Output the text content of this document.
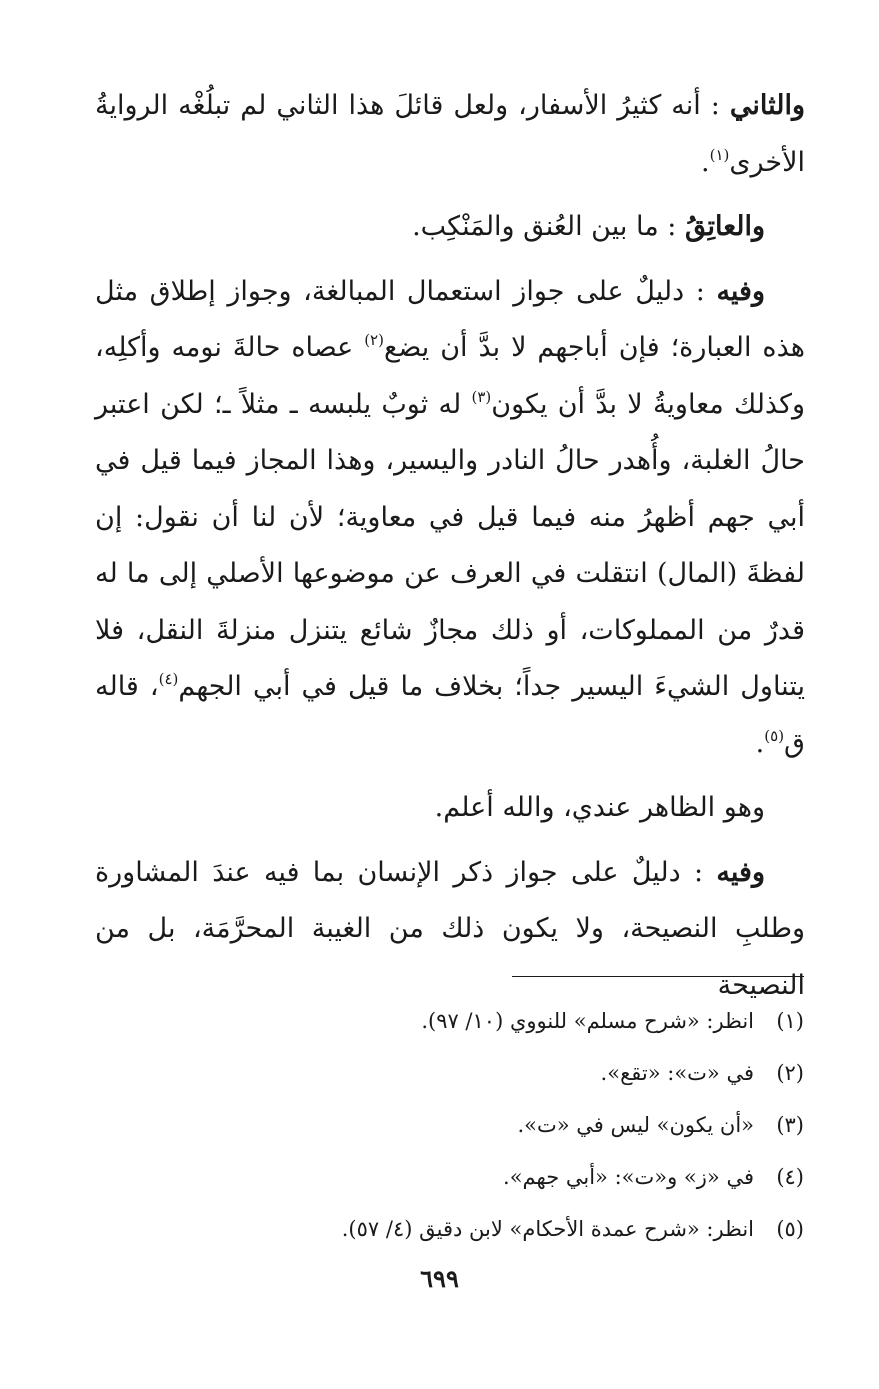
والثاني : أنه كثيرُ الأسفار، ولعل قائلَ هذا الثاني لم تبلُغْه الروايةُ الأخرى$^{(١)}$.

والعاتِقُ : ما بين العُنق والمَنْكِب.

وفيه : دليلٌ على جواز استعمال المبالغة، وجواز إطلاق مثل هذه العبارة؛ فإن أباجهم لا بدَّ أن يضع$^{(٢)}$ عصاه حالةَ نومه وأكلِه، وكذلك معاويةُ لا بدَّ أن يكون$^{(٣)}$ له ثوبٌ يلبسه ـ مثلاً ـ؛ لكن اعتبر حالُ الغلبة، وأُهدر حالُ النادر واليسير، وهذا المجاز فيما قيل في أبي جهم أظهرُ منه فيما قيل في معاوية؛ لأن لنا أن نقول: إن لفظةَ (المال) انتقلت في العرف عن موضوعها الأصلي إلى ما له قدرٌ من المملوكات، أو ذلك مجازٌ شائع يتنزل منزلةَ النقل، فلا يتناول الشيءَ اليسير جداً؛ بخلاف ما قيل في أبي الجهم$^{(٤)}$، قاله ق$^{(٥)}$.

وهو الظاهر عندي، والله أعلم.

وفيه : دليلٌ على جواز ذكر الإنسان بما فيه عندَ المشاورة وطلبِ النصيحة، ولا يكون ذلك من الغيبة المحرَّمَة، بل من النصيحة

(١)انظر: «شرح مسلم» للنووي (١٠/ ٩٧).
(٢)في «ت»: «تقع».
(٣)«أن يكون» ليس في «ت».
(٤)في «ز» و«ت»: «أبي جهم».
(٥)انظر: «شرح عمدة الأحكام» لابن دقيق (٤/ ٥٧).
٦٩٩
